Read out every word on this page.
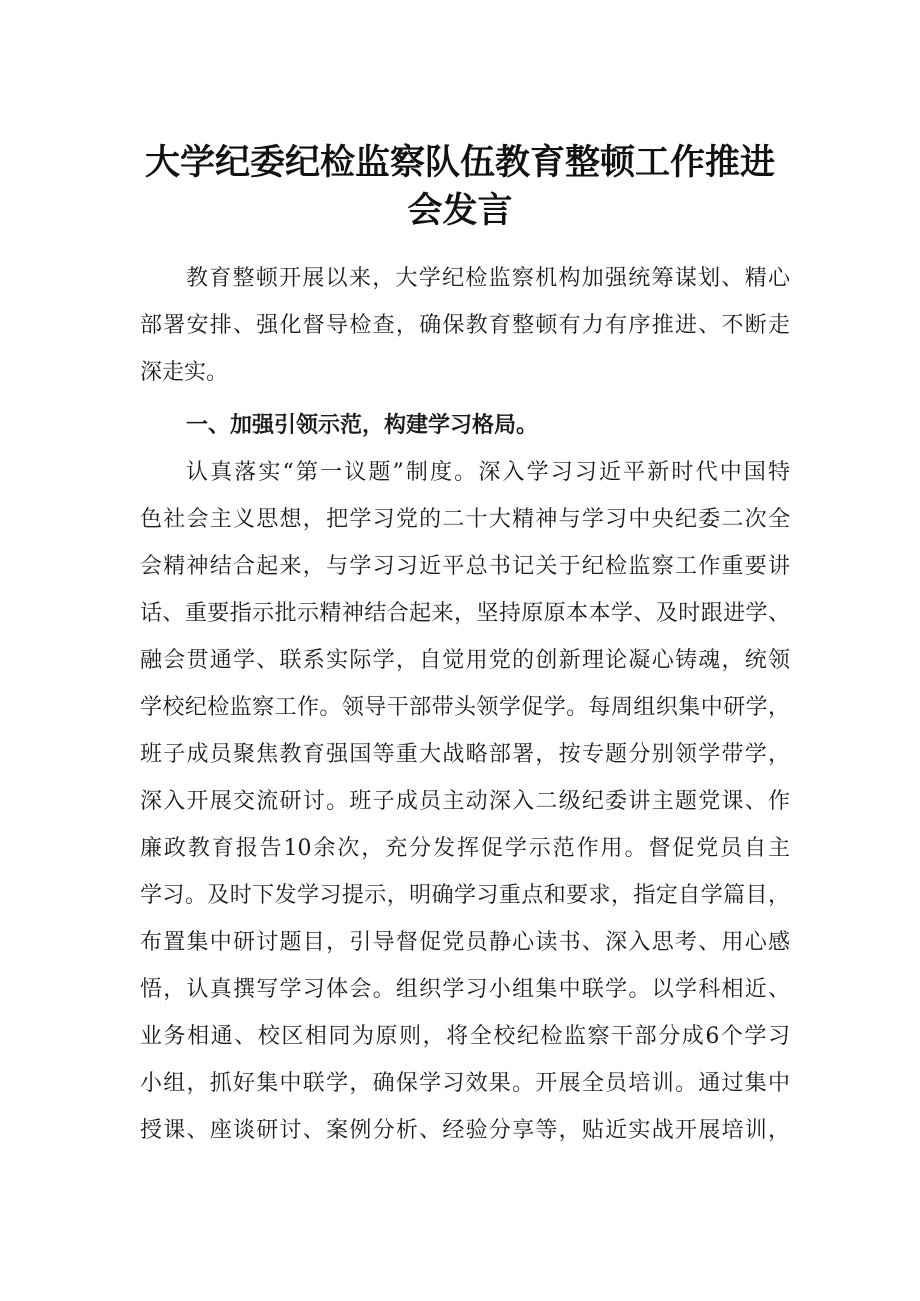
大学纪委纪检监察队伍教育整顿工作推进
会发言

教育整顿开展以来，大学纪检监察机构加强统筹谋划、精心

部署安排、强化督导检查，确保教育整顿有力有序推进、不断走

深走实。

一、加强引领示范，构建学习格局。

认真落实“第一议题”制度。深入学习习近平新时代中国特

色社会主义思想，把学习党的二十大精神与学习中央纪委二次全

会精神结合起来，与学习习近平总书记关于纪检监察工作重要讲

话、重要指示批示精神结合起来，坚持原原本本学、及时跟进学、

融会贯通学、联系实际学，自觉用党的创新理论凝心铸魂，统领

学校纪检监察工作。领导干部带头领学促学。每周组织集中研学，

班子成员聚焦教育强国等重大战略部署，按专题分别领学带学，

深入开展交流研讨。班子成员主动深入二级纪委讲主题党课、作

廉政教育报告10余次，充分发挥促学示范作用。督促党员自主

学习。及时下发学习提示，明确学习重点和要求，指定自学篇目，

布置集中研讨题目，引导督促党员静心读书、深入思考、用心感

悟，认真撰写学习体会。组织学习小组集中联学。以学科相近、

业务相通、校区相同为原则，将全校纪检监察干部分成6个学习

小组，抓好集中联学，确保学习效果。开展全员培训。通过集中

授课、座谈研讨、案例分析、经验分享等，贴近实战开展培训，
